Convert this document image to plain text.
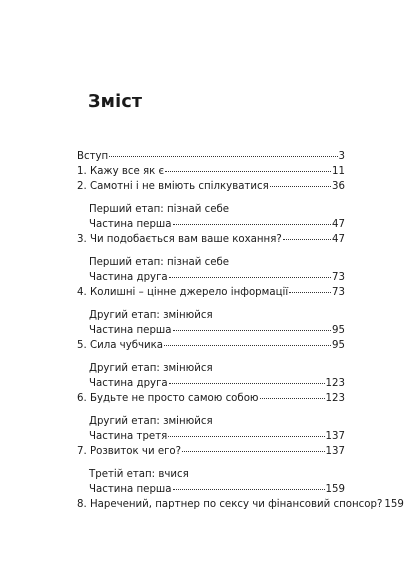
Зміст
Вступ	3
1. Кажу все як є	11
2. Самотні і не вміють спілкуватися	36
Перший етап: пізнай себе
Частина перша	47
3. Чи подобається вам ваше кохання?	47
Перший етап: пізнай себе
Частина друга	73
4. Колишні – цінне джерело інформації	73
Другий етап: змінюйся
Частина перша	95
5. Сила чубчика	95
Другий етап: змінюйся
Частина друга	123
6. Будьте не просто самою собою	123
Другий етап: змінюйся
Частина третя	137
7. Розвиток чи его?	137
Третій етап: вчися
Частина перша	159
8. Наречений, партнер по сексу чи фінансовий спонсор? 159
